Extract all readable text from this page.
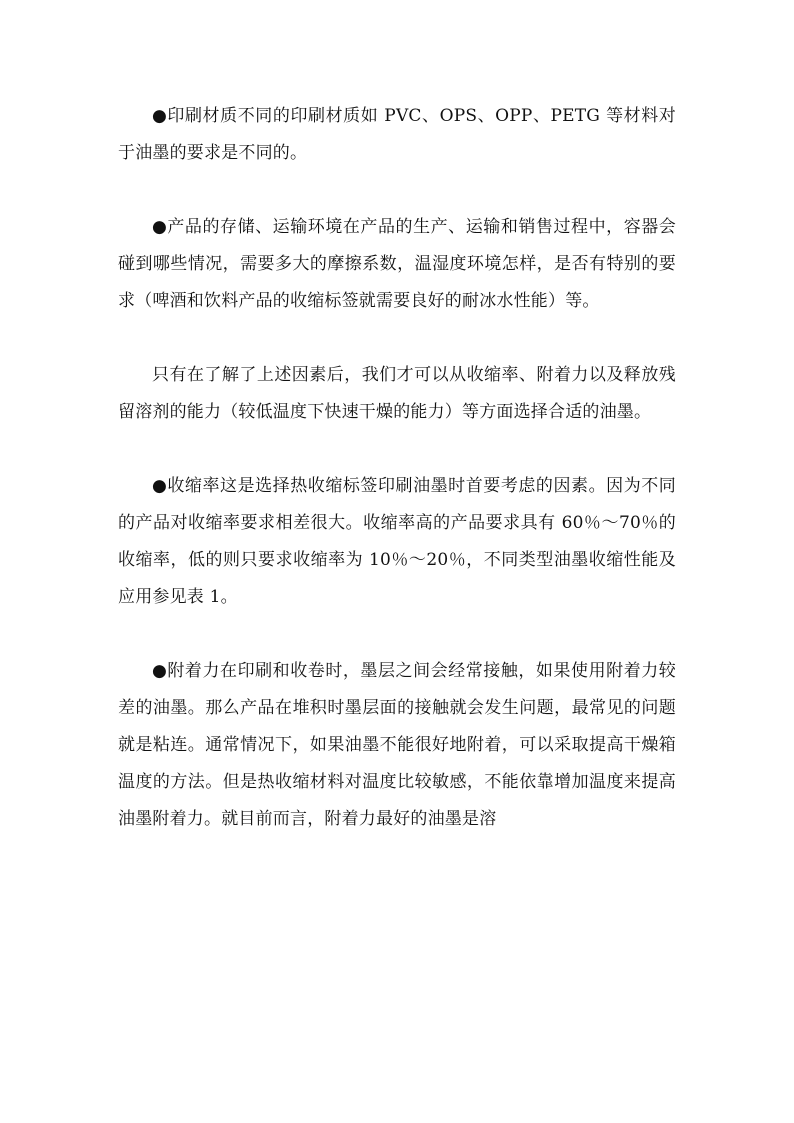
●印刷材质不同的印刷材质如 PVC、OPS、OPP、PETG 等材料对于油墨的要求是不同的。

●产品的存储、运输环境在产品的生产、运输和销售过程中，容器会碰到哪些情况，需要多大的摩擦系数，温湿度环境怎样，是否有特别的要求（啤酒和饮料产品的收缩标签就需要良好的耐冰水性能）等。

只有在了解了上述因素后，我们才可以从收缩率、附着力以及释放残留溶剂的能力（较低温度下快速干燥的能力）等方面选择合适的油墨。

●收缩率这是选择热收缩标签印刷油墨时首要考虑的因素。因为不同的产品对收缩率要求相差很大。收缩率高的产品要求具有 60％～70％的收缩率，低的则只要求收缩率为 10％～20％，不同类型油墨收缩性能及应用参见表 1。

●附着力在印刷和收卷时，墨层之间会经常接触，如果使用附着力较差的油墨。那么产品在堆积时墨层面的接触就会发生问题，最常见的问题就是粘连。通常情况下，如果油墨不能很好地附着，可以采取提高干燥箱温度的方法。但是热收缩材料对温度比较敏感，不能依靠增加温度来提高油墨附着力。就目前而言，附着力最好的油墨是溶
